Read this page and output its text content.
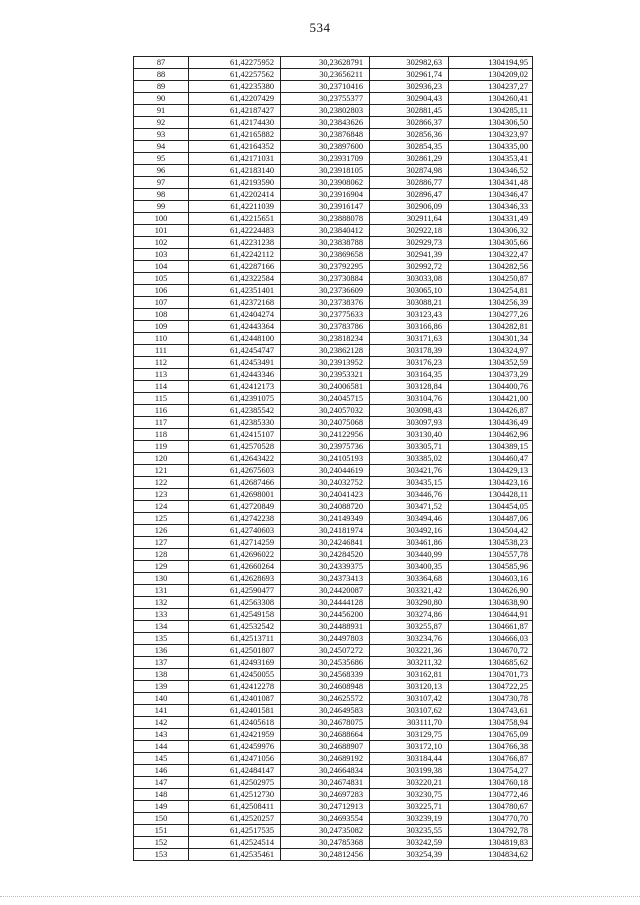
534
87	61,42275952	30,23628791	302982,63	1304194,95
88	61,42257562	30,23656211	302961,74	1304209,02
89	61,42235380	30,23710416	302936,23	1304237,27
90	61,42207429	30,23755377	302904,43	1304260,41
91	61,42187427	30,23802803	302881,45	1304285,11
92	61,42174430	30,23843626	302866,37	1304306,50
93	61,42165882	30,23876848	302856,36	1304323,97
94	61,42164352	30,23897600	302854,35	1304335,00
95	61,42171031	30,23931709	302861,29	1304353,41
96	61,42183140	30,23918105	302874,98	1304346,52
97	61,42193590	30,23908062	302886,77	1304341,48
98	61,42202414	30,23916904	302896,47	1304346,47
99	61,42211039	30,23916147	302906,09	1304346,33
100	61,42215651	30,23888078	302911,64	1304331,49
101	61,42224483	30,23840412	302922,18	1304306,32
102	61,42231238	30,23838788	302929,73	1304305,66
103	61,42242112	30,23869658	302941,39	1304322,47
104	61,42287166	30,23792295	302992,72	1304282,56
105	61,42322584	30,23730884	303033,08	1304250,87
106	61,42351401	30,23736609	303065,10	1304254,81
107	61,42372168	30,23738376	303088,21	1304256,39
108	61,42404274	30,23775633	303123,43	1304277,26
109	61,42443364	30,23783786	303166,86	1304282,81
110	61,42448100	30,23818234	303171,63	1304301,34
111	61,42454747	30,23862128	303178,39	1304324,97
112	61,42453491	30,23913952	303176,23	1304352,59
113	61,42443346	30,23953321	303164,35	1304373,29
114	61,42412173	30,24006581	303128,84	1304400,76
115	61,42391075	30,24045715	303104,76	1304421,00
116	61,42385542	30,24057032	303098,43	1304426,87
117	61,42385330	30,24075068	303097,93	1304436,49
118	61,42415107	30,24122956	303130,40	1304462,96
119	61,42570528	30,23975736	303305,71	1304389,15
120	61,42643422	30,24105193	303385,02	1304460,47
121	61,42675603	30,24044619	303421,76	1304429,13
122	61,42687466	30,24032752	303435,15	1304423,16
123	61,42698001	30,24041423	303446,76	1304428,11
124	61,42720849	30,24088720	303471,52	1304454,05
125	61,42742238	30,24149349	303494,46	1304487,06
126	61,42740603	30,24181974	303492,16	1304504,42
127	61,42714259	30,24246841	303461,86	1304538,23
128	61,42696022	30,24284520	303440,99	1304557,78
129	61,42660264	30,24339375	303400,35	1304585,96
130	61,42628693	30,24373413	303364,68	1304603,16
131	61,42590477	30,24420087	303321,42	1304626,90
132	61,42563308	30,24444128	303290,80	1304638,90
133	61,42549158	30,24456200	303274,86	1304644,91
134	61,42532542	30,24488931	303255,87	1304661,87
135	61,42513711	30,24497803	303234,76	1304666,03
136	61,42501807	30,24507272	303221,36	1304670,72
137	61,42493169	30,24535686	303211,32	1304685,62
138	61,42450055	30,24568339	303162,81	1304701,73
139	61,42412278	30,24608948	303120,13	1304722,25
140	61,42401087	30,24625572	303107,42	1304730,78
141	61,42401581	30,24649583	303107,62	1304743,61
142	61,42405618	30,24678075	303111,70	1304758,94
143	61,42421959	30,24688664	303129,75	1304765,09
144	61,42459976	30,24688907	303172,10	1304766,38
145	61,42471056	30,24689192	303184,44	1304766,87
146	61,42484147	30,24664834	303199,38	1304754,27
147	61,42502975	30,24674831	303220,21	1304760,18
148	61,42512730	30,24697283	303230,75	1304772,46
149	61,42508411	30,24712913	303225,71	1304780,67
150	61,42520257	30,24693554	303239,19	1304770,70
151	61,42517535	30,24735082	303235,55	1304792,78
152	61,42524514	30,24785368	303242,59	1304819,83
153	61,42535461	30,24812456	303254,39	1304834,62
